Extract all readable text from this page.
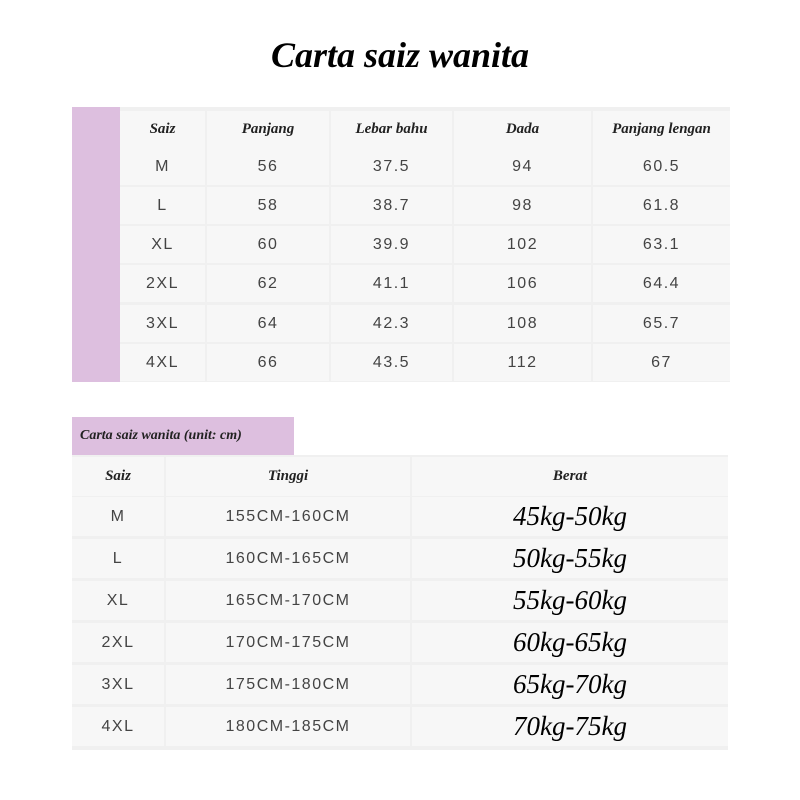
Carta saiz wanita
Saiz	Panjang	Lebar bahu	Dada	Panjang lengan
M	56	37.5	94	60.5
L	58	38.7	98	61.8
XL	60	39.9	102	63.1
2XL	62	41.1	106	64.4
3XL	64	42.3	108	65.7
4XL	66	43.5	112	67
Carta saiz wanita (unit: cm)
Saiz	Tinggi	Berat
M	155CM-160CM	45kg-50kg
L	160CM-165CM	50kg-55kg
XL	165CM-170CM	55kg-60kg
2XL	170CM-175CM	60kg-65kg
3XL	175CM-180CM	65kg-70kg
4XL	180CM-185CM	70kg-75kg
